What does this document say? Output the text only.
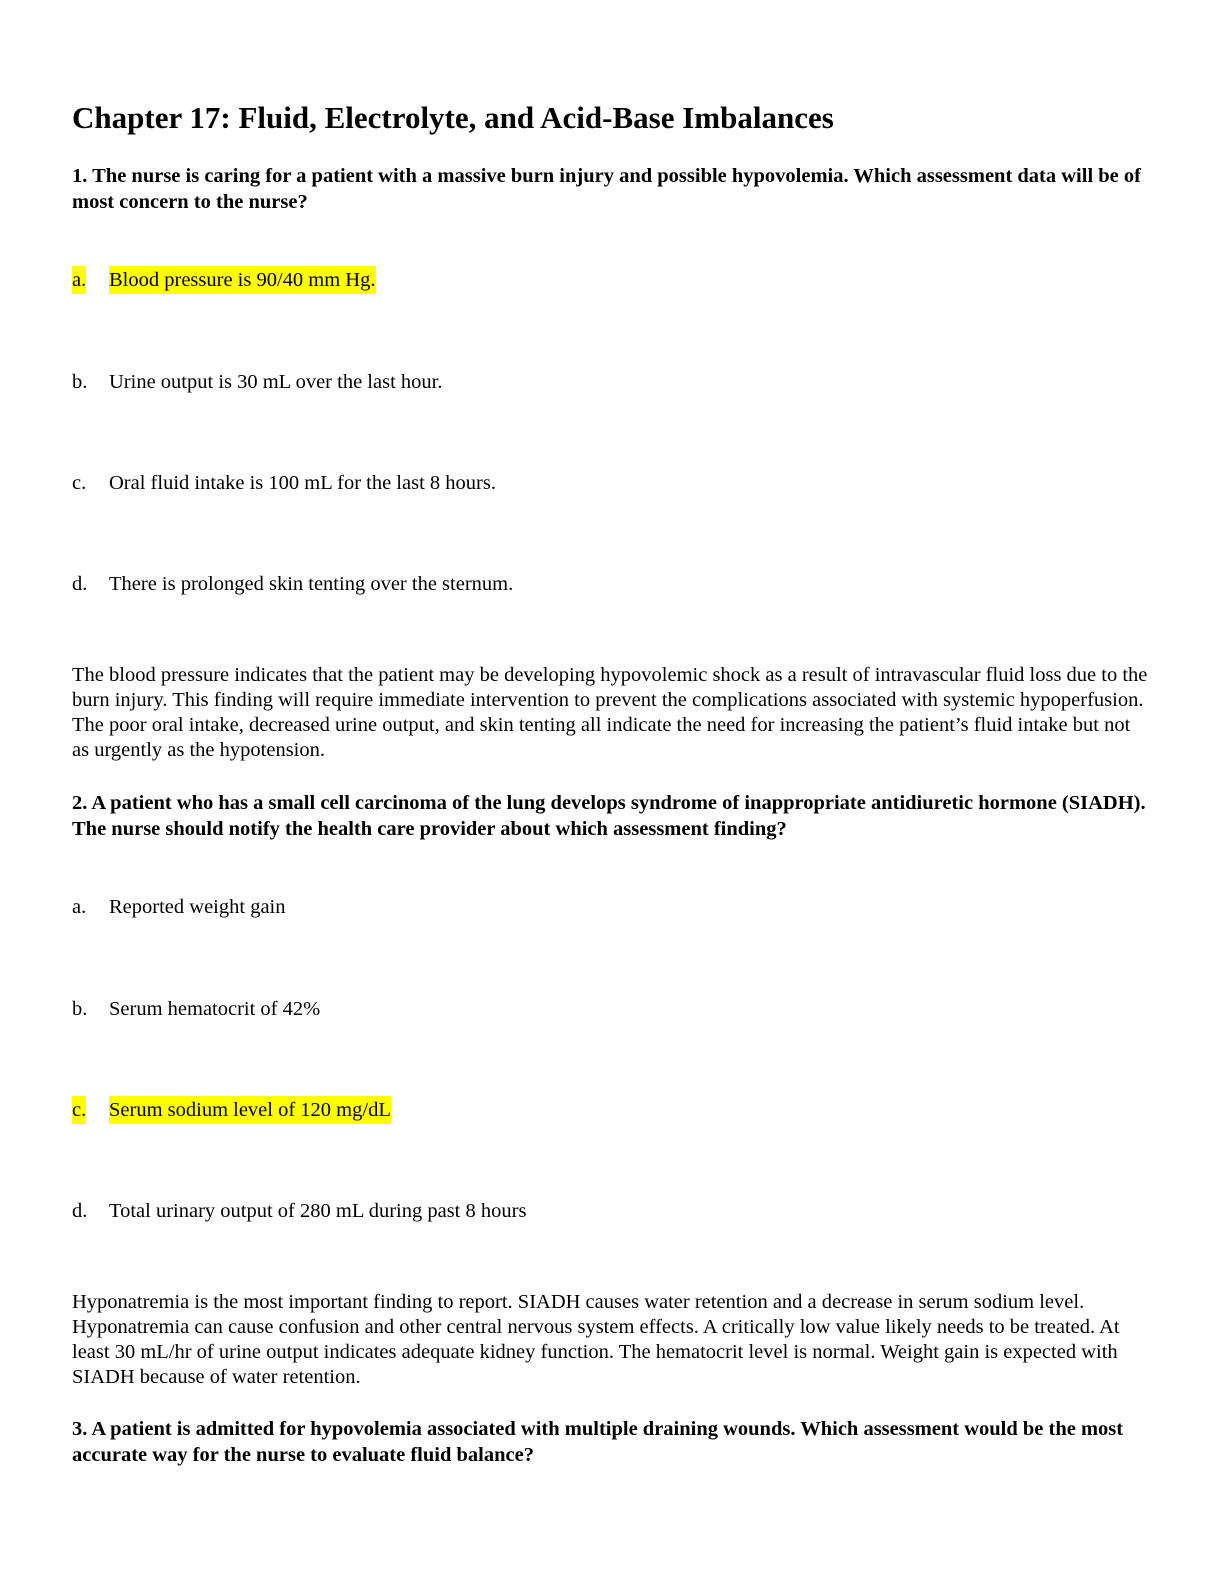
Chapter 17: Fluid, Electrolyte, and Acid-Base Imbalances

1. The nurse is caring for a patient with a massive burn injury and possible hypovolemia. Which assessment data will be of most concern to the nurse?

a. Blood pressure is 90/40 mm Hg.
b. Urine output is 30 mL over the last hour.
c. Oral fluid intake is 100 mL for the last 8 hours.
d. There is prolonged skin tenting over the sternum.

The blood pressure indicates that the patient may be developing hypovolemic shock as a result of intravascular fluid loss due to the burn injury. This finding will require immediate intervention to prevent the complications associated with systemic hypoperfusion. The poor oral intake, decreased urine output, and skin tenting all indicate the need for increasing the patient’s fluid intake but not as urgently as the hypotension.

2. A patient who has a small cell carcinoma of the lung develops syndrome of inappropriate antidiuretic hormone (SIADH). The nurse should notify the health care provider about which assessment finding?

a. Reported weight gain
b. Serum hematocrit of 42%
c. Serum sodium level of 120 mg/dL
d. Total urinary output of 280 mL during past 8 hours

Hyponatremia is the most important finding to report. SIADH causes water retention and a decrease in serum sodium level. Hyponatremia can cause confusion and other central nervous system effects. A critically low value likely needs to be treated. At least 30 mL/hr of urine output indicates adequate kidney function. The hematocrit level is normal. Weight gain is expected with SIADH because of water retention.

3. A patient is admitted for hypovolemia associated with multiple draining wounds. Which assessment would be the most accurate way for the nurse to evaluate fluid balance?
